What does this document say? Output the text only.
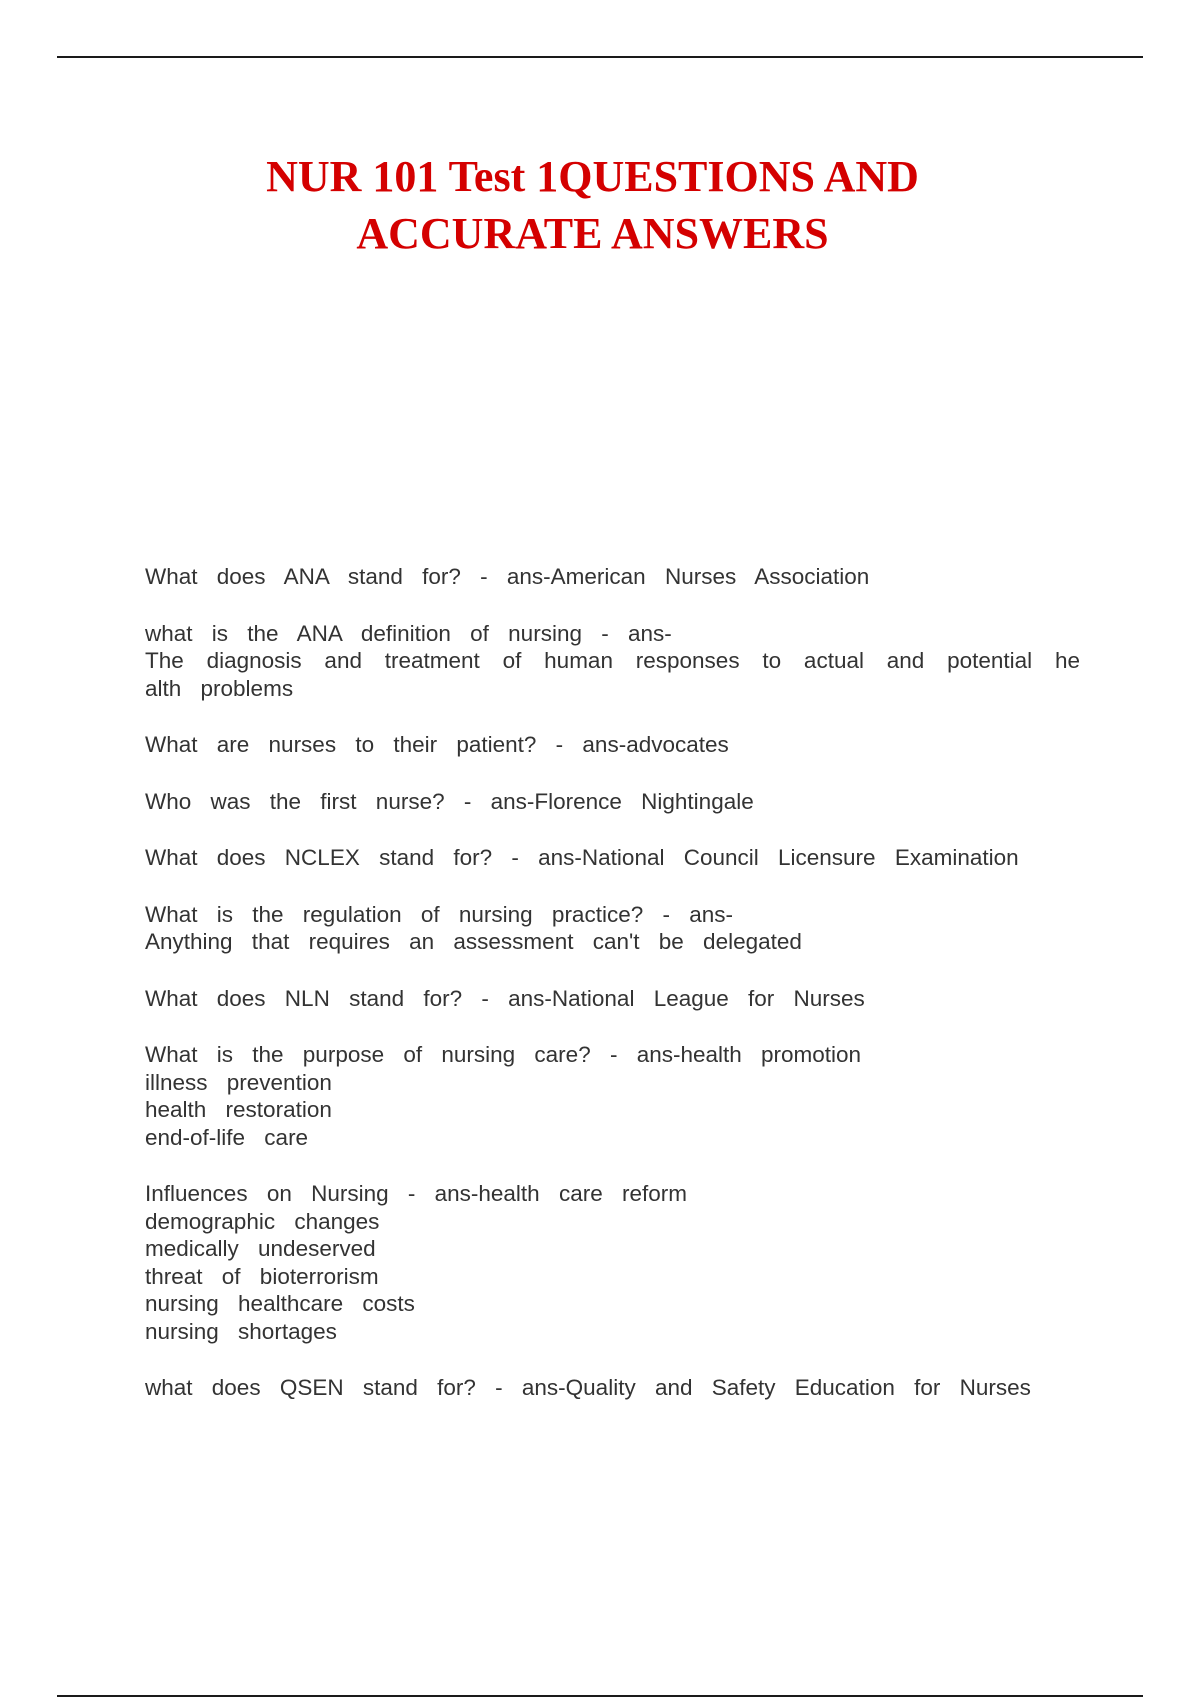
NUR 101 Test 1QUESTIONS AND
ACCURATE ANSWERS
What does ANA stand for? - ans-American Nurses Association
what is the ANA definition of nursing - ans-
The diagnosis and treatment of human responses to actual and potential he
alth problems
What are nurses to their patient? - ans-advocates
Who was the first nurse? - ans-Florence Nightingale
What does NCLEX stand for? - ans-National Council Licensure Examination
What is the regulation of nursing practice? - ans-
Anything that requires an assessment can't be delegated
What does NLN stand for? - ans-National League for Nurses
What is the purpose of nursing care? - ans-health promotion
illness prevention
health restoration
end-of-life care
Influences on Nursing - ans-health care reform
demographic changes
medically undeserved
threat of bioterrorism
nursing healthcare costs
nursing shortages
what does QSEN stand for? - ans-Quality and Safety Education for Nurses
